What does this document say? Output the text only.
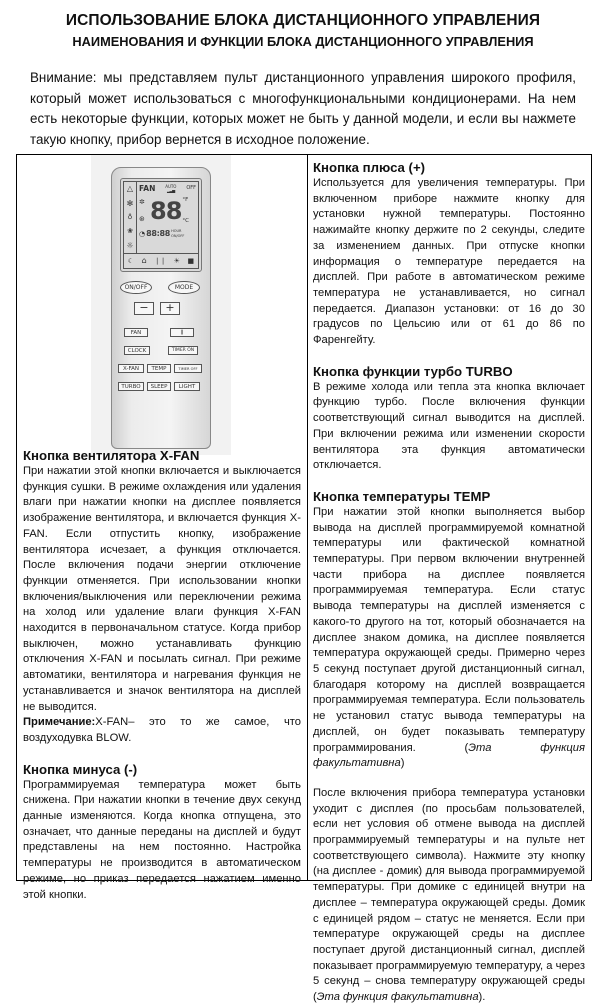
ИСПОЛЬЗОВАНИЕ БЛОКА ДИСТАНЦИОННОГО УПРАВЛЕНИЯ
НАИМЕНОВАНИЯ И ФУНКЦИИ БЛОКА ДИСТАНЦИОННОГО УПРАВЛЕНИЯ
Внимание: мы представляем пульт дистанционного управления широкого профиля, который может использоваться с многофункциональными кондиционерами. На нем есть некоторые функции, которых может не быть у данной модели, и если вы нажмете такую кнопку, прибор вернется в исходное положение.
△
✻
♁
❀
☼
FAN AUTO
▂▃▅ OFF
✲
⊛ 88 °F
°C
◔ 88:88 HOUR
ON/OFF
☾ ⌂ ❘❘ ☀ ■
ON/OFF	MODE
−	+
FAN	⫼
CLOCK	TIMER ON
X-FAN	TEMP	TIMER OFF
TURBO	SLEEP	LIGHT
Кнопка вентилятора X-FAN

При нажатии этой кнопки включается и выключается функция сушки. В режиме охлаждения или удаления влаги при нажатии кнопки на дисплее появляется изображение вентилятора, и включается функция X-FAN. Если отпустить кнопку, изображение вентилятора исчезает, а функция отключается. После включения подачи энергии отключение функции отменяется. При использовании кнопки включения/выключения или переключении режима на холод или удаление влаги функция X-FAN находится в первоначальном статусе. Когда прибор выключен, можно устанавливать функцию отключения X-FAN и посылать сигнал. При режиме автоматики, вентилятора и нагревания функция не устанавливается и значок вентилятора на дисплей не выводится.

Примечание:X-FAN– это то же самое, что воздуходувка BLOW.

Кнопка минуса (-)

Программируемая температура может быть снижена. При нажатии кнопки в течение двух секунд данные изменяются. Когда кнопка отпущена, это означает, что данные переданы на дисплей и будут представлены на нем постоянно. Настройка температуры не производится в автоматическом режиме, но приказ передается нажатием именно этой кнопки.

Кнопка плюса (+)

Используется для увеличения температуры. При включенном приборе нажмите кнопку для установки нужной температуры. Постоянно нажимайте кнопку держите по 2 секунды, следите за изменением данных. При отпуске кнопки информация о температуре передается на дисплей. При работе в автоматическом режиме температура не устанавливается, но сигнал передается. Диапазон установки: от 16 до 30 градусов по Цельсию или от 61 до 86 по Фаренгейту.

Кнопка функции турбо TURBO

В режиме холода или тепла эта кнопка включает функцию турбо. После включения функции соответствующий сигнал выводится на дисплей. При включении режима или изменении скорости вентилятора эта функция автоматически отключается.

Кнопка температуры TEMP

При нажатии этой кнопки выполняется выбор вывода на дисплей программируемой комнатной температуры или фактической комнатной температуры. При первом включении внутренней части прибора на дисплее появляется программируемая температура. Если статус вывода температуры на дисплей изменяется с какого-то другого на тот, который обозначается на дисплее знаком домика, на дисплее появляется температура окружающей среды. Примерно через 5 секунд поступает другой дистанционный сигнал, благодаря которому на дисплей возвращается программируемая температура. Если пользователь не установил статус вывода температуры на дисплей, он будет показывать температуру программирования. (Эта функция факультативна)

После включения прибора температура установки уходит с дисплея (по просьбам пользователей, если нет условия об отмене вывода на дисплей программируемый температуры и на пульте нет соответствующего символа). Нажмите эту кнопку (на дисплее - домик) для вывода программируемой температуры. При домике с единицей внутри на дисплее – температура окружающей среды. Домик с единицей рядом – статус не меняется. Если при температуре окружающей среды на дисплее поступает другой дистанционный сигнал, дисплей показывает программируемую температуру, а через 5 секунд – снова температуру окружающей среды (Эта функция факультативна).
